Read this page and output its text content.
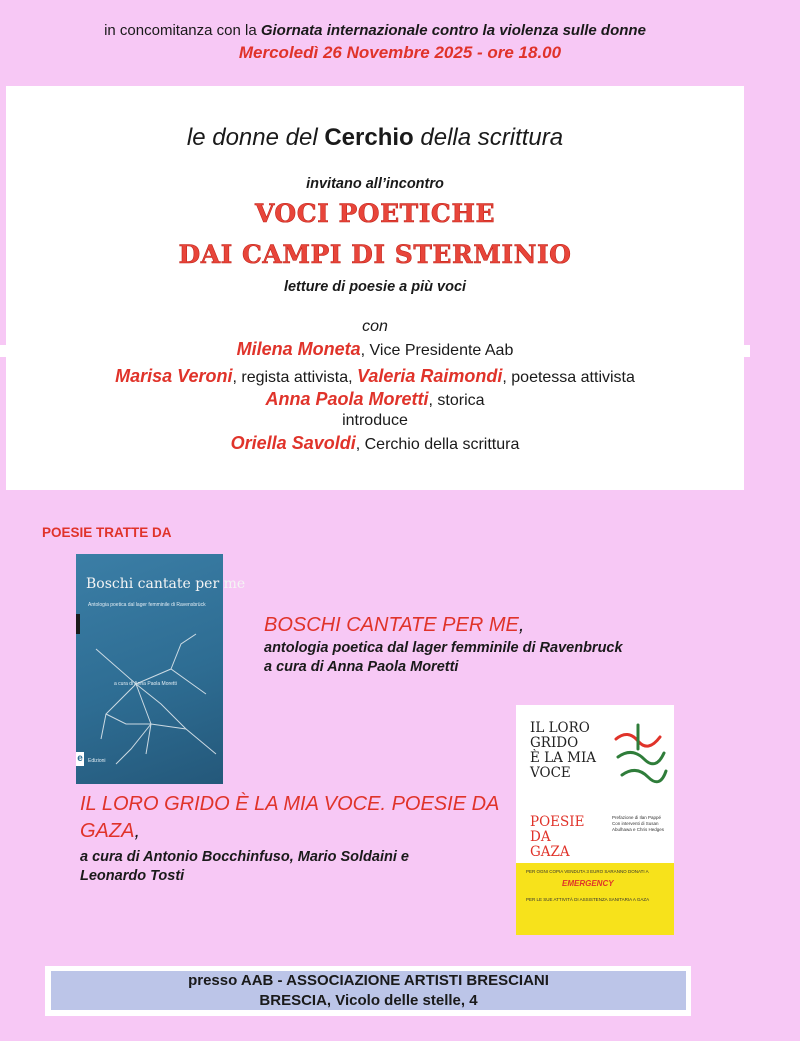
in concomitanza con la Giornata internazionale contro la violenza sulle donne
Mercoledì 26 Novembre 2025 - ore 18.00
le donne del Cerchio della scrittura
invitano all’incontro
VOCI POETICHE
DAI CAMPI DI STERMINIO
letture di poesie a più voci
con
Milena Moneta, Vice Presidente Aab
Marisa Veroni, regista attivista, Valeria Raimondi, poetessa attivista
Anna Paola Moretti, storica
introduce
Oriella Savoldi, Cerchio della scrittura
POESIE TRATTE DA
Boschi cantate per me
Antologia poetica dal lager femminile di Ravensbrück
a cura di Anna Paola Moretti
Edizioni
e
BOSCHI CANTATE PER ME,
antologia poetica dal lager femminile di Ravenbruck
a cura di Anna Paola Moretti
IL LORO
GRIDO
È LA MIA
VOCE
POESIE
DA
GAZA
Prefazione di Ilan Pappé
Con interventi di Susan Abulhawa e Chris Hedges
PER OGNI COPIA VENDUTA 3 EURO SARANNO DONATI A
EMERGENCY
PER LE SUE ATTIVITÀ DI ASSISTENZA SANITARIA A GAZA
IL LORO GRIDO È LA MIA VOCE. POESIE DA GAZA,
a cura di Antonio Bocchinfuso, Mario Soldaini e
Leonardo Tosti
presso AAB - ASSOCIAZIONE ARTISTI BRESCIANI
BRESCIA, Vicolo delle stelle, 4
